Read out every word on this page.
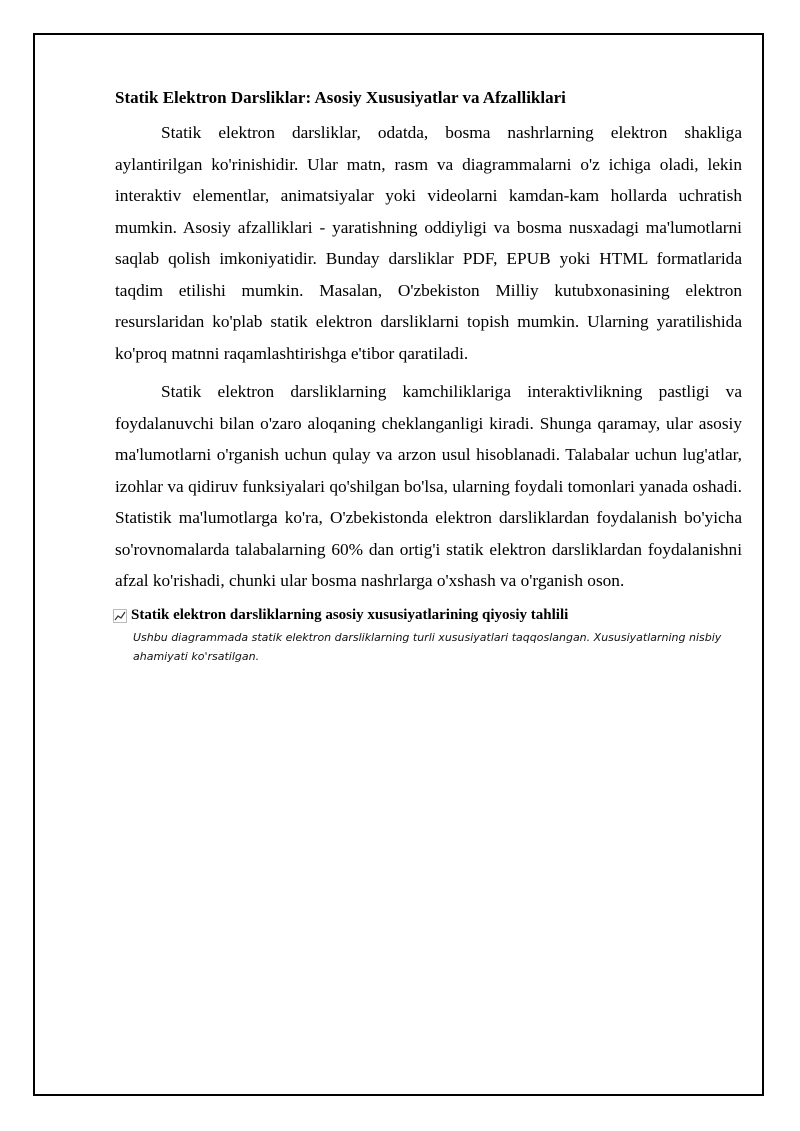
Statik Elektron Darsliklar: Asosiy Xususiyatlar va Afzalliklari

Statik elektron darsliklar, odatda, bosma nashrlarning elektron shakliga aylantirilgan ko'rinishidir. Ular matn, rasm va diagrammalarni o'z ichiga oladi, lekin interaktiv elementlar, animatsiyalar yoki videolarni kamdan-kam hollarda uchratish mumkin. Asosiy afzalliklari - yaratishning oddiyligi va bosma nusxadagi ma'lumotlarni saqlab qolish imkoniyatidir. Bunday darsliklar PDF, EPUB yoki HTML formatlarida taqdim etilishi mumkin. Masalan, O'zbekiston Milliy kutubxonasining elektron resurslaridan ko'plab statik elektron darsliklarni topish mumkin. Ularning yaratilishida ko'proq matnni raqamlashtirishga e'tibor qaratiladi.

Statik elektron darsliklarning kamchiliklariga interaktivlikning pastligi va foydalanuvchi bilan o'zaro aloqaning cheklanganligi kiradi. Shunga qaramay, ular asosiy ma'lumotlarni o'rganish uchun qulay va arzon usul hisoblanadi. Talabalar uchun lug'atlar, izohlar va qidiruv funksiyalari qo'shilgan bo'lsa, ularning foydali tomonlari yanada oshadi. Statistik ma'lumotlarga ko'ra, O'zbekistonda elektron darsliklardan foydalanish bo'yicha so'rovnomalarda talabalarning 60% dan ortig'i statik elektron darsliklardan foydalanishni afzal ko'rishadi, chunki ular bosma nashrlarga o'xshash va o'rganish oson.

Statik elektron darsliklarning asosiy xususiyatlarining qiyosiy tahlili
Ushbu diagrammada statik elektron darsliklarning turli xususiyatlari taqqoslangan. Xususiyatlarning nisbiy ahamiyati ko'rsatilgan.
